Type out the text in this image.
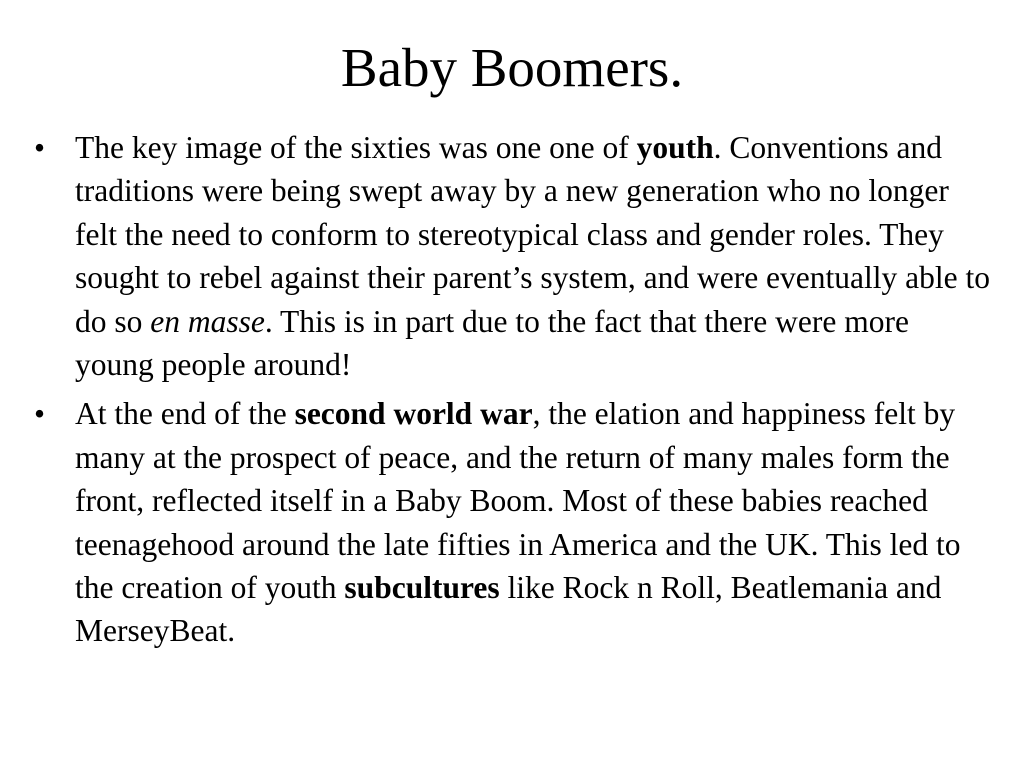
Baby Boomers.
• The key image of the sixties was one one of youth. Conventions and traditions were being swept away by a new generation who no longer felt the need to conform to stereotypical class and gender roles. They sought to rebel against their parent’s system, and were eventually able to do so en masse. This is in part due to the fact that there were more young people around!
• At the end of the second world war, the elation and happiness felt by many at the prospect of peace, and the return of many males form the front, reflected itself in a Baby Boom. Most of these babies reached teenagehood around the late fifties in America and the UK. This led to the creation of youth subcultures like Rock n Roll, Beatlemania and MerseyBeat.
